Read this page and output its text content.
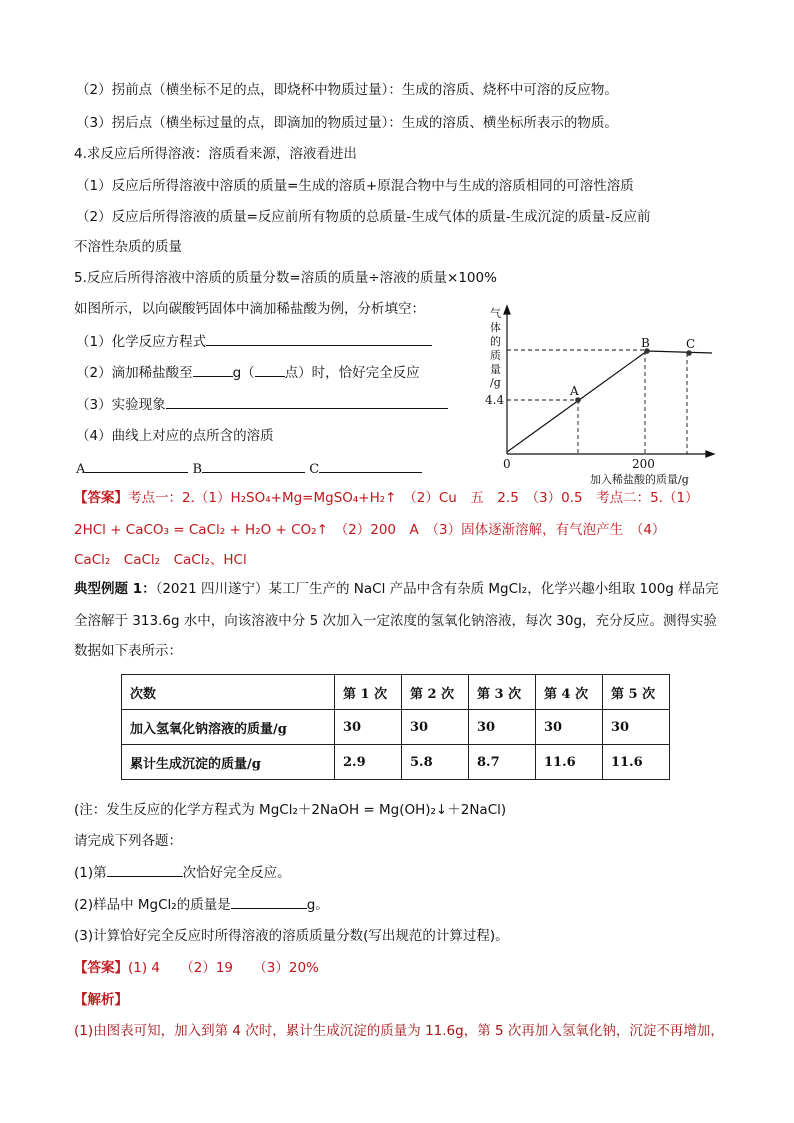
（2）拐前点（横坐标不足的点，即烧杯中物质过量）：生成的溶质、烧杯中可溶的反应物。
（3）拐后点（横坐标过量的点，即滴加的物质过量）：生成的溶质、横坐标所表示的物质。
4.求反应后所得溶液：溶质看来源，溶液看进出
（1）反应后所得溶液中溶质的质量=生成的溶质+原混合物中与生成的溶质相同的可溶性溶质
（2）反应后所得溶液的质量=反应前所有物质的总质量-生成气体的质量-生成沉淀的质量-反应前
不溶性杂质的质量
5.反应后所得溶液中溶质的质量分数=溶质的质量÷溶液的质量×100%
如图所示，以向碳酸钙固体中滴加稀盐酸为例，分析填空：
（1）化学反应方程式
（2）滴加稀盐酸至	g（ 点）时，恰好完全反应
（3）实验现象
（4）曲线上对应的点所含的溶质
A	B	C
A
B	C
0	200
4.4
气
体
的
质
量
/g
加入稀盐酸的质量/g
【答案】考点一：2.（1）H₂SO₄+Mg=MgSO₄+H₂↑　（2）Cu　五　2.5　（3）0.5　考点二：5.（1）
2HCl + CaCO₃ = CaCl₂ + H₂O + CO₂↑　（2）200　A　（3）固体逐渐溶解，有气泡产生　（4）
CaCl₂　CaCl₂　CaCl₂、HCl
典型例题 1：（2021 四川遂宁）某工厂生产的 NaCl 产品中含有杂质 MgCl₂，化学兴趣小组取 100g 样品完
全溶解于 313.6g 水中，向该溶液中分 5 次加入一定浓度的氢氧化钠溶液，每次 30g，充分反应。测得实验
数据如下表所示：
次数	第 1 次	第 2 次	第 3 次	第 4 次	第 5 次
加入氢氧化钠溶液的质量/g	30	30	30	30	30
累计生成沉淀的质量/g	2.9	5.8	8.7	11.6	11.6
(注：发生反应的化学方程式为 MgCl₂＋2NaOH = Mg(OH)₂↓＋2NaCl)
请完成下列各题：
(1)第	次恰好完全反应。
(2)样品中 MgCl₂的质量是	g。
(3)计算恰好完全反应时所得溶液的溶质质量分数(写出规范的计算过程)。
【答案】(1) 4　　（2）19　　（3）20%
【解析】
(1)由图表可知，加入到第 4 次时，累计生成沉淀的质量为 11.6g，第 5 次再加入氢氧化钠，沉淀不再增加，
